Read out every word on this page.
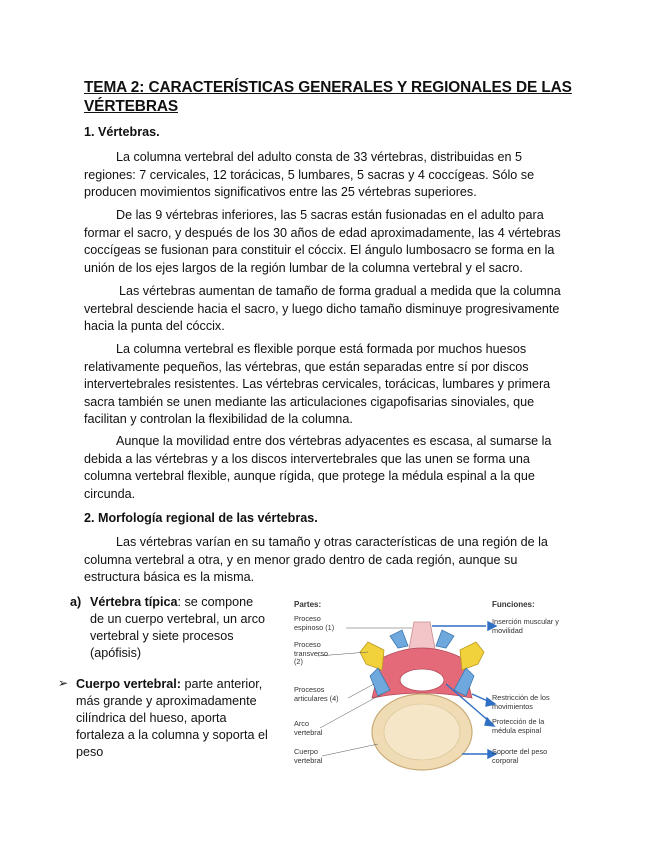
TEMA 2: CARACTERÍSTICAS GENERALES Y REGIONALES DE LAS VÉRTEBRAS
1. Vértebras.

La columna vertebral del adulto consta de 33 vértebras, distribuidas en 5 regiones: 7 cervicales, 12 torácicas, 5 lumbares, 5 sacras y 4 coccígeas. Sólo se producen movimientos significativos entre las 25 vértebras superiores.

De las 9 vértebras inferiores, las 5 sacras están fusionadas en el adulto para formar el sacro, y después de los 30 años de edad aproximadamente, las 4 vértebras coccígeas se fusionan para constituir el cóccix. El ángulo lumbosacro se forma en la unión de los ejes largos de la región lumbar de la columna vertebral y el sacro.

Las vértebras aumentan de tamaño de forma gradual a medida que la columna vertebral desciende hacia el sacro, y luego dicho tamaño disminuye progresivamente hacia la punta del cóccix.

La columna vertebral es flexible porque está formada por muchos huesos relativamente pequeños, las vértebras, que están separadas entre sí por discos intervertebrales resistentes. Las vértebras cervicales, torácicas, lumbares y primera sacra también se unen mediante las articulaciones cigapofisarias sinoviales, que facilitan y controlan la flexibilidad de la columna.

Aunque la movilidad entre dos vértebras adyacentes es escasa, al sumarse la debida a las vértebras y a los discos intervertebrales que las unen se forma una columna vertebral flexible, aunque rígida, que protege la médula espinal a la que circunda.

2. Morfología regional de las vértebras.

Las vértebras varían en su tamaño y otras características de una región de la columna vertebral a otra, y en menor grado dentro de cada región, aunque su estructura básica es la misma.

a) Vértebra típica: se compone de un cuerpo vertebral, un arco vertebral y siete procesos (apófisis)
➢ Cuerpo vertebral: parte anterior, más grande y aproximadamente cilíndrica del hueso, aporta fortaleza a la columna y soporta el peso
Partes:	Funciones:
Proceso espinoso (1)
Proceso transverso (2)
Procesos articulares (4)
Arco vertebral
Cuerpo vertebral
Inserción muscular y movilidad
Restricción de los movimientos
Protección de la médula espinal
Soporte del peso corporal
